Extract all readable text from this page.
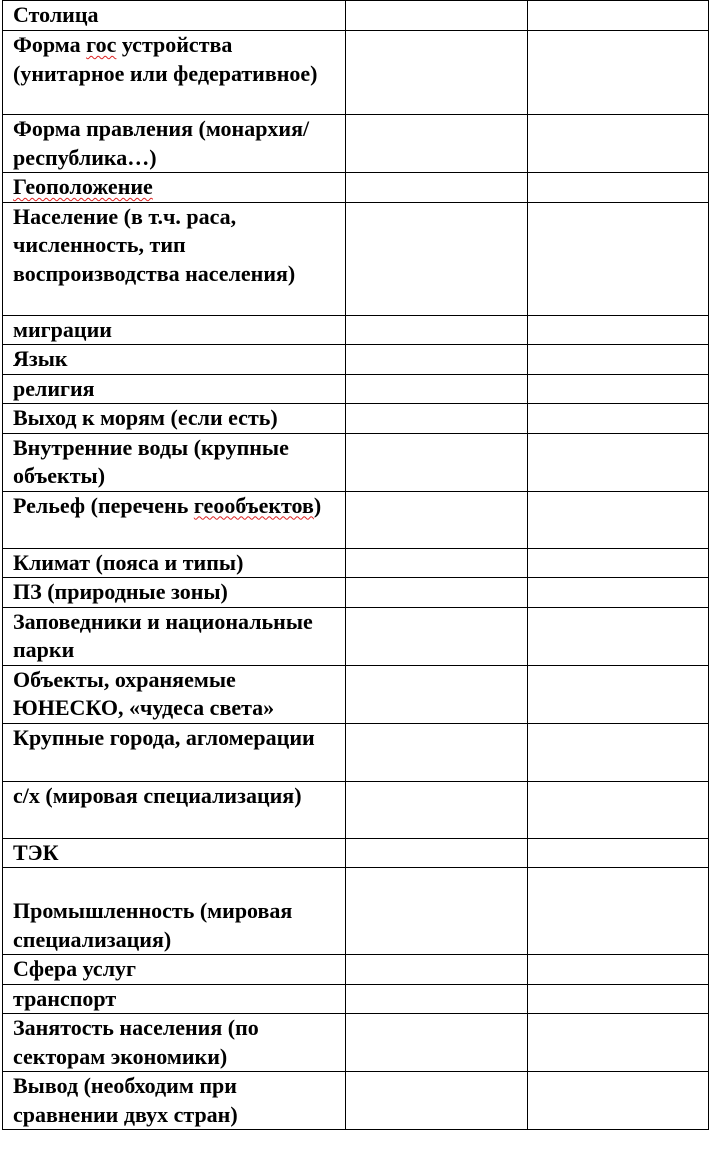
Столица		
Форма гос устройства (унитарное или федеративное)		
Форма правления (монархия/республика…)		
Геоположение		
Население (в т.ч. раса, численность, тип воспроизводства населения)		
миграции		
Язык		
религия		
Выход к морям (если есть)		
Внутренние воды (крупные объекты)		
Рельеф (перечень геообъектов)		
Климат (пояса и типы)		
ПЗ (природные зоны)		
Заповедники и национальные парки		
Объекты, охраняемые ЮНЕСКО, «чудеса света»		
Крупные города, агломерации		
с/х (мировая специализация)		
ТЭК		
Промышленность (мировая специализация)		
Сфера услуг		
транспорт		
Занятость населения (по секторам экономики)		
Вывод (необходим при сравнении двух стран)		
